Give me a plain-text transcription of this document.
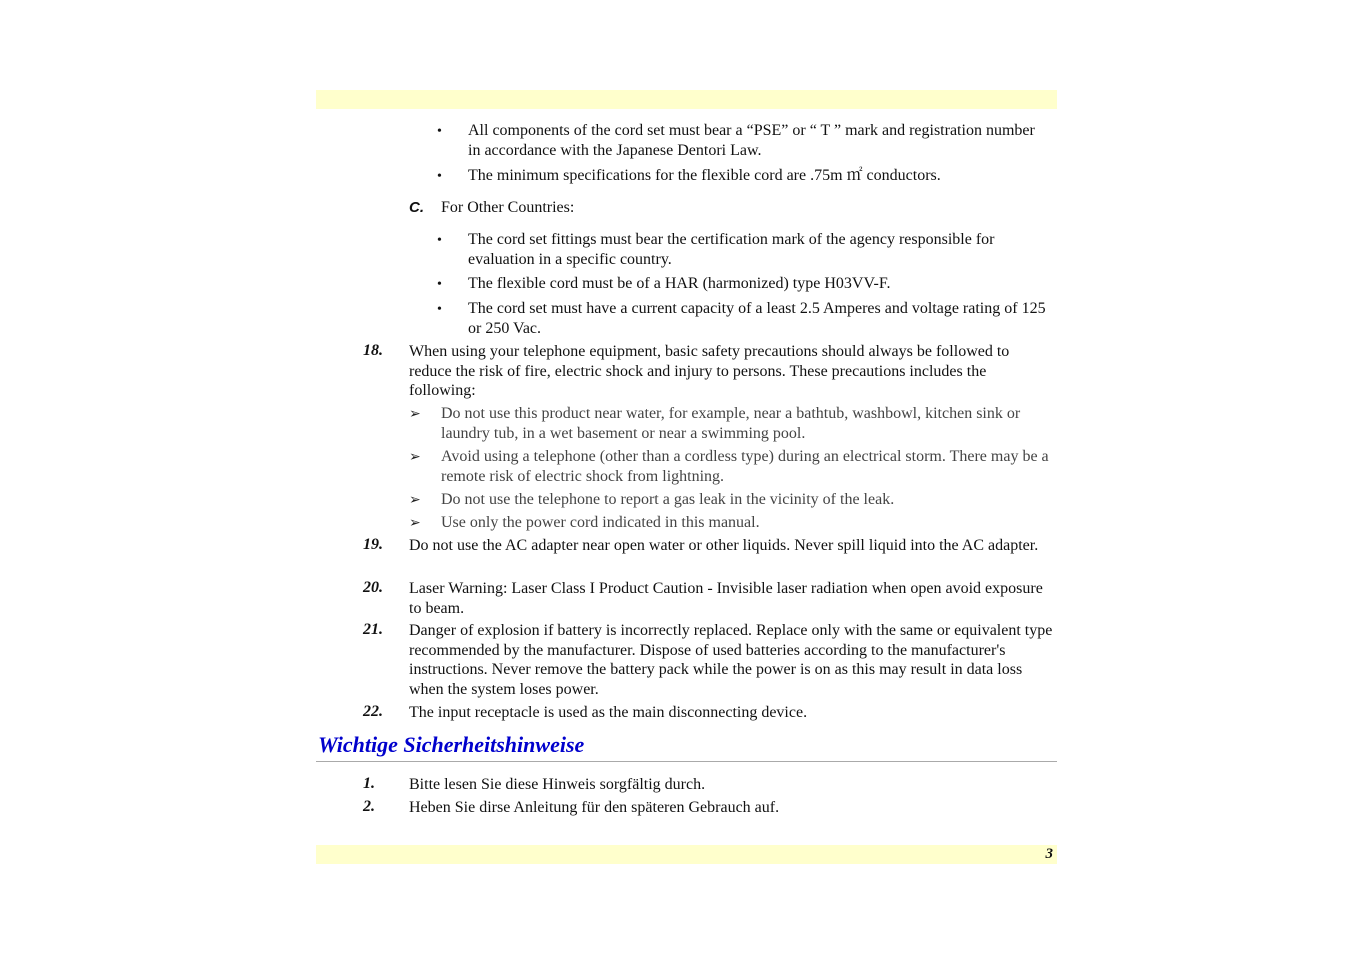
3
• All components of the cord set must bear a “PSE” or “ T ” mark and registration number in accordance with the Japanese Dentori Law.
• The minimum specifications for the flexible cord are .75m ㎡ conductors.
C. For Other Countries:
• The cord set fittings must bear the certification mark of the agency responsible for evaluation in a specific country.
• The flexible cord must be of a HAR (harmonized) type H03VV-F.
• The cord set must have a current capacity of a least 2.5 Amperes and voltage rating of 125 or 250 Vac.
18. When using your telephone equipment, basic safety precautions should always be followed to reduce the risk of fire, electric shock and injury to persons. These precautions includes the following:
➢ Do not use this product near water, for example, near a bathtub, washbowl, kitchen sink or laundry tub, in a wet basement or near a swimming pool.
➢ Avoid using a telephone (other than a cordless type) during an electrical storm. There may be a remote risk of electric shock from lightning.
➢ Do not use the telephone to report a gas leak in the vicinity of the leak.
➢ Use only the power cord indicated in this manual.
19. Do not use the AC adapter near open water or other liquids. Never spill liquid into the AC adapter.
20. Laser Warning: Laser Class I Product Caution - Invisible laser radiation when open avoid exposure to beam.
21. Danger of explosion if battery is incorrectly replaced. Replace only with the same or equivalent type recommended by the manufacturer. Dispose of used batteries according to the manufacturer's instructions. Never remove the battery pack while the power is on as this may result in data loss when the system loses power.
22. The input receptacle is used as the main disconnecting device.
Wichtige Sicherheitshinweise
1. Bitte lesen Sie diese Hinweis sorgfältig durch.
2. Heben Sie dirse Anleitung für den späteren Gebrauch auf.
